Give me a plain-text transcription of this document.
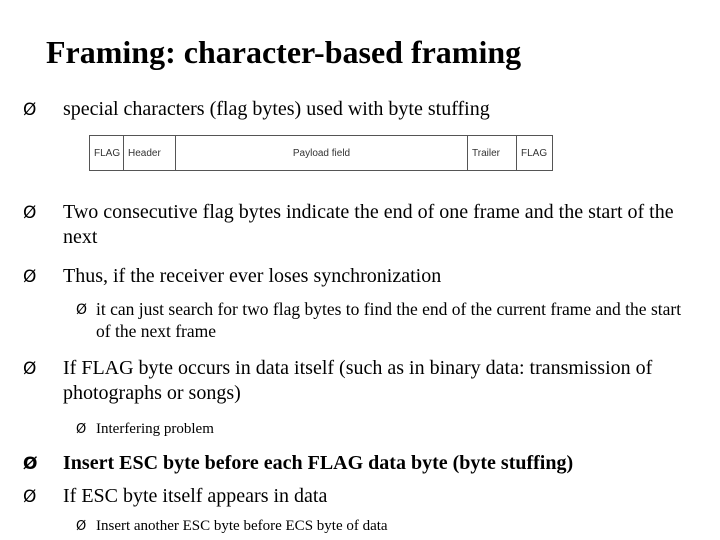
Framing: character-based framing
Ø	special characters (flag bytes) used with byte stuffing
FLAG Header	Payload field	Trailer	FLAG
Ø	Two consecutive flag bytes indicate the end of one frame and the start of the next
Ø	Thus, if the receiver ever loses synchronization
Ø it can just search for two flag bytes to find the end of the current frame and the start of the next frame
Ø	If FLAG byte occurs in data itself (such as in binary data: transmission of photographs or songs)
Ø Interfering problem
Ø	Insert ESC byte before each FLAG data byte (byte stuffing)
Ø	If ESC byte itself appears in data
Ø Insert another ESC byte before ECS byte of data
